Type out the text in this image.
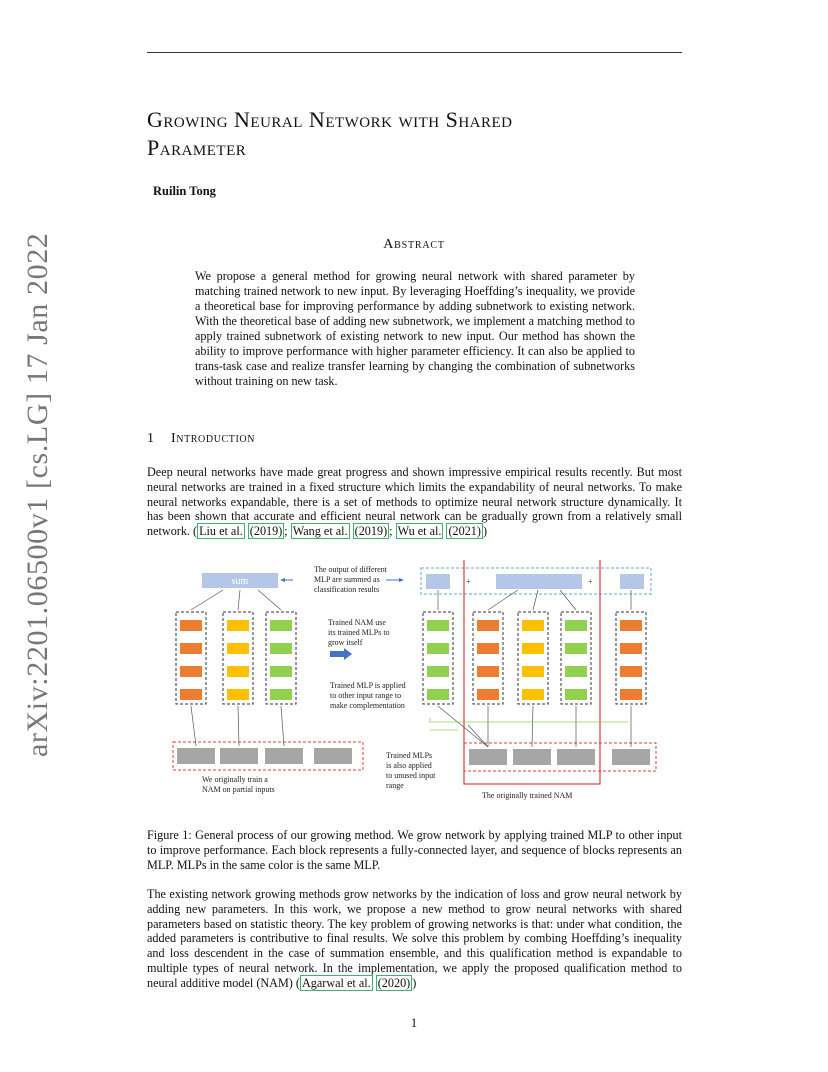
arXiv:2201.06500v1 [cs.LG] 17 Jan 2022
Growing Neural Network with Shared
Parameter
Ruilin Tong
Abstract
We propose a general method for growing neural network with shared parameter by matching trained network to new input. By leveraging Hoeffding’s inequality, we provide a theoretical base for improving performance by adding subnetwork to existing network. With the theoretical base of adding new subnetwork, we implement a matching method to apply trained subnetwork of existing network to new input. Our method has shown the ability to improve performance with higher parameter efficiency. It can also be applied to trans-task case and realize transfer learning by changing the combination of subnetworks without training on new task.
1 Introduction
Deep neural networks have made great progress and shown impressive empirical results recently. But most neural networks are trained in a fixed structure which limits the expandability of neural networks. To make neural networks expandable, there is a set of methods to optimize neural network structure dynamically. It has been shown that accurate and efficient neural network can be gradually grown from a relatively small network. ( Liu et al. (2019) ; Wang et al. (2019) ; Wu et al. (2021) )
sum
The output of different
MLP are summed as
classification results
+	+
Trained NAM use
its trained MLPs to
grow itself
Trained MLP is applied
to other input range to
make complementation
We originally train a
NAM on partial inputs
Trained MLPs
is also applied
to unused input
range
The originally trained NAM
Figure 1: General process of our growing method. We grow network by applying trained MLP to other input to improve performance. Each block represents a fully-connected layer, and sequence of blocks represents an MLP. MLPs in the same color is the same MLP.
The existing network growing methods grow networks by the indication of loss and grow neural network by adding new parameters. In this work, we propose a new method to grow neural networks with shared parameters based on statistic theory. The key problem of growing networks is that: under what condition, the added parameters is contributive to final results. We solve this problem by combing Hoeffding’s inequality and loss descendent in the case of summation ensemble, and this qualification method is expandable to multiple types of neural network. In the implementation, we apply the proposed qualification method to neural additive model (NAM) ( Agarwal et al. (2020) )
1
